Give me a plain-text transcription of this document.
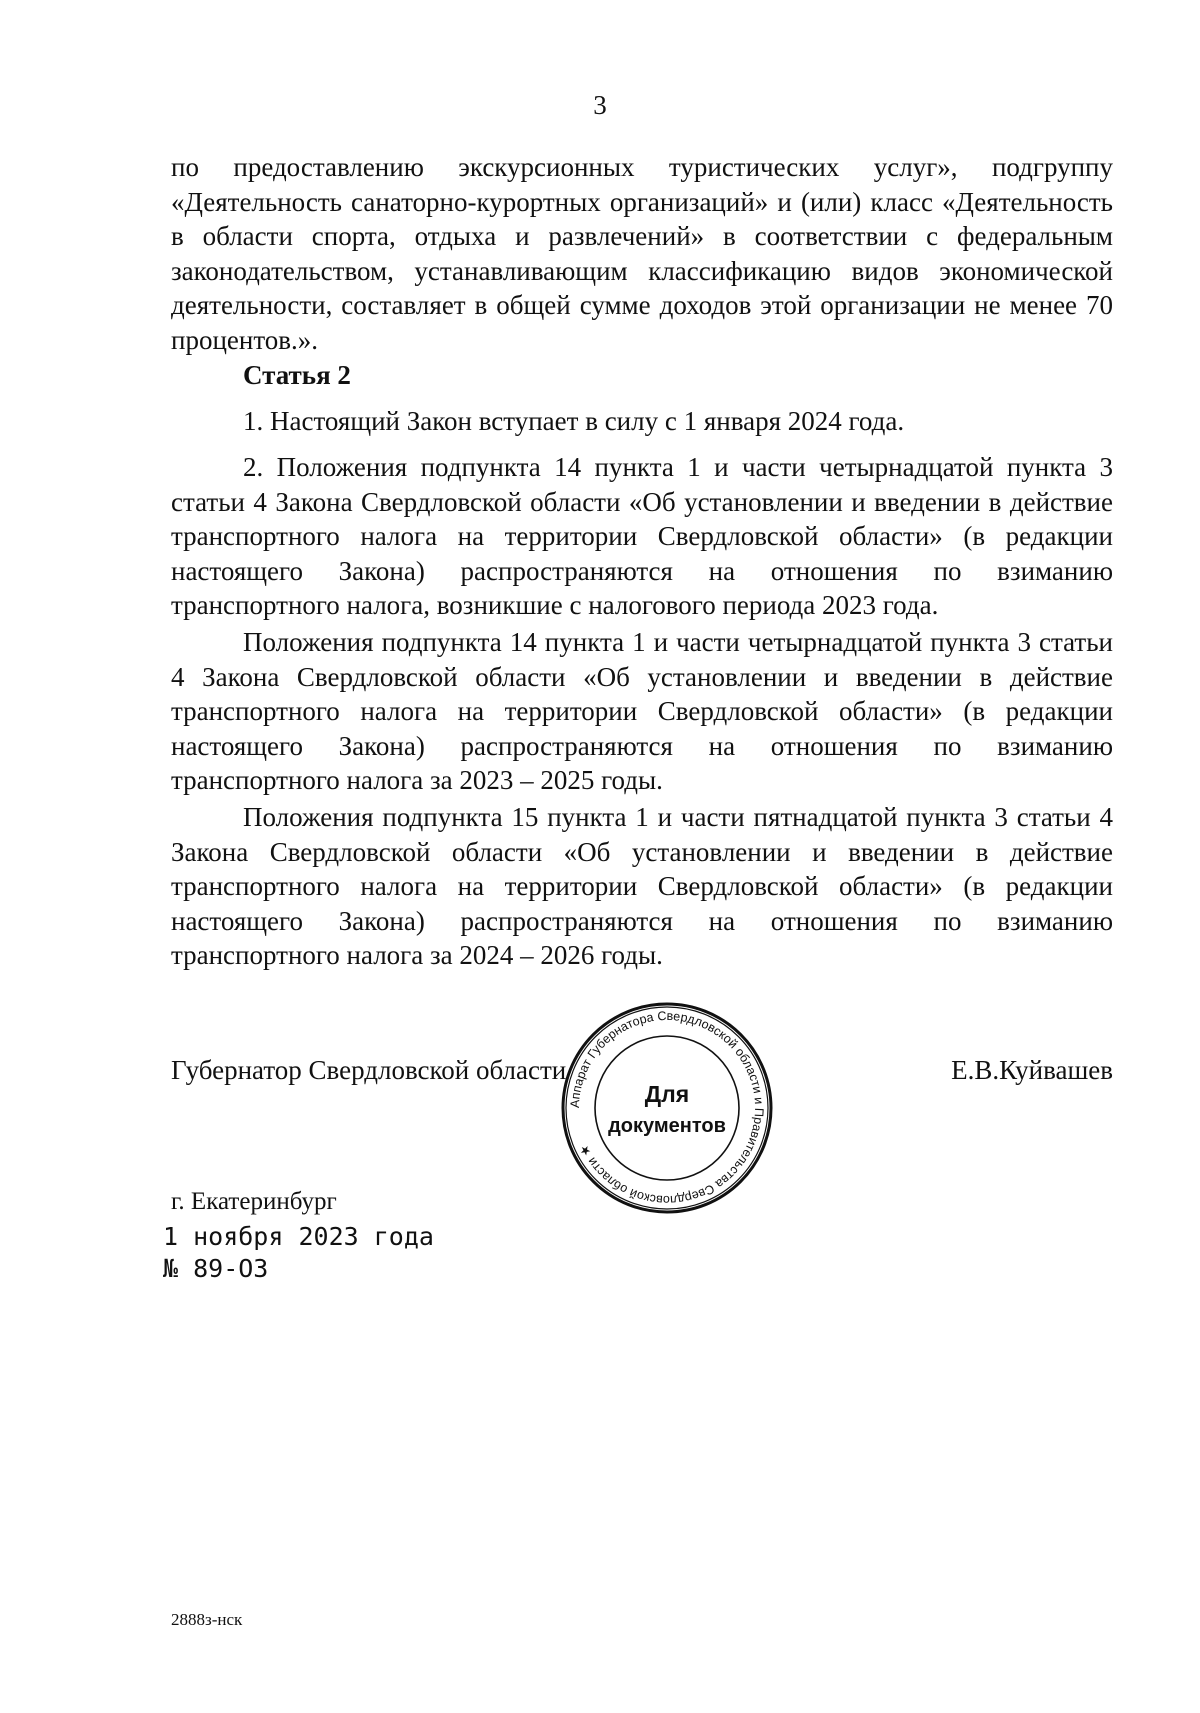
3

по предоставлению экскурсионных туристических услуг», подгруппу «Деятельность санаторно-курортных организаций» и (или) класс «Деятельность в области спорта, отдыха и развлечений» в соответствии с федеральным законодательством, устанавливающим классификацию видов экономической деятельности, составляет в общей сумме доходов этой организации не менее 70 процентов.».

Статья 2

1. Настоящий Закон вступает в силу с 1 января 2024 года.

2. Положения подпункта 14 пункта 1 и части четырнадцатой пункта 3 статьи 4 Закона Свердловской области «Об установлении и введении в действие транспортного налога на территории Свердловской области» (в редакции настоящего Закона) распространяются на отношения по взиманию транспортного налога, возникшие с налогового периода 2023 года.

Положения подпункта 14 пункта 1 и части четырнадцатой пункта 3 статьи 4 Закона Свердловской области «Об установлении и введении в действие транспортного налога на территории Свердловской области» (в редакции настоящего Закона) распространяются на отношения по взиманию транспортного налога за 2023 – 2025 годы.

Положения подпункта 15 пункта 1 и части пятнадцатой пункта 3 статьи 4 Закона Свердловской области «Об установлении и введении в действие транспортного налога на территории Свердловской области» (в редакции настоящего Закона) распространяются на отношения по взиманию транспортного налога за 2024 – 2026 годы.

Губернатор Свердловской области	Е.В.Куйвашев
Аппарат Губернатора Свердловской области и Правительства Свердловской области ★
Для
документов
г. Екатеринбург
1 ноября 2023 года
№ 89-ОЗ
2888з-нск
